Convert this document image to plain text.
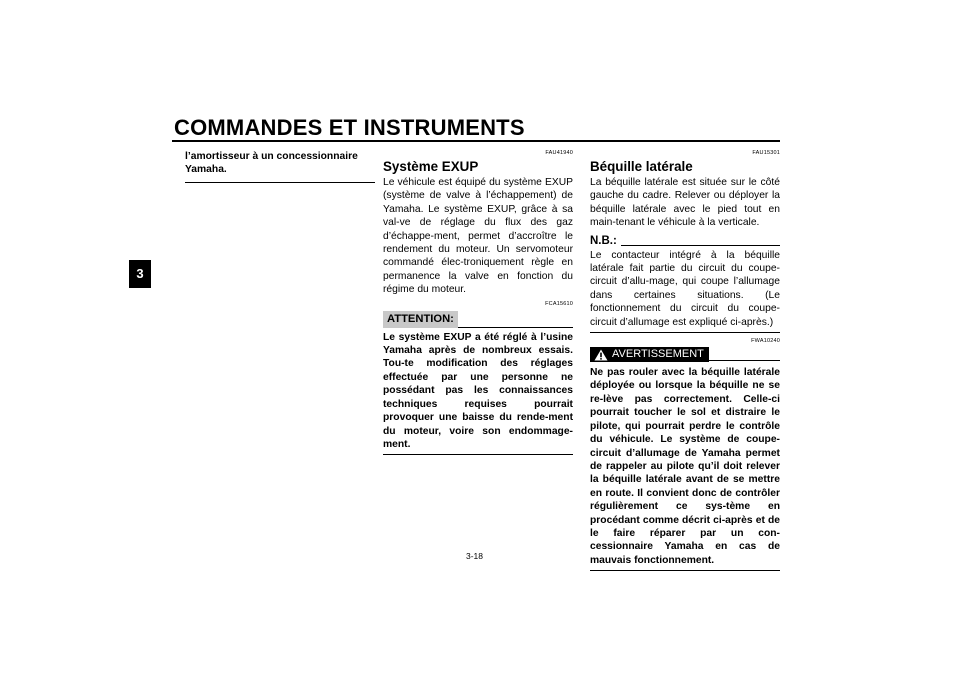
COMMANDES ET INSTRUMENTS
3

l’amortisseur à un concessionnaire Yamaha.

FAU41940
Système EXUP

Le véhicule est équipé du système EXUP (système de valve à l’échappement) de Yamaha. Le système EXUP, grâce à sa val-ve de réglage du flux des gaz d’échappe-ment, permet d’accroître le rendement du moteur. Un servomoteur commandé élec-troniquement règle en permanence la valve en fonction du régime du moteur.

FCA15610
ATTENTION:

Le système EXUP a été réglé à l’usine Yamaha après de nombreux essais. Tou-te modification des réglages effectuée par une personne ne possédant pas les connaissances techniques requises pourrait provoquer une baisse du rende-ment du moteur, voire son endommage-ment.

FAU15301
Béquille latérale

La béquille latérale est située sur le côté gauche du cadre. Relever ou déployer la béquille latérale avec le pied tout en main-tenant le véhicule à la verticale.

N.B.:

Le contacteur intégré à la béquille latérale fait partie du circuit du coupe-circuit d’allu-mage, qui coupe l’allumage dans certaines situations. (Le fonctionnement du circuit du coupe-circuit d’allumage est expliqué ci-après.)

FWA10240
AVERTISSEMENT

Ne pas rouler avec la béquille latérale déployée ou lorsque la béquille ne se re-lève pas correctement. Celle-ci pourrait toucher le sol et distraire le pilote, qui pourrait perdre le contrôle du véhicule. Le système de coupe-circuit d’allumage de Yamaha permet de rappeler au pilote qu’il doit relever la béquille latérale avant de se mettre en route. Il convient donc de contrôler régulièrement ce sys-tème en procédant comme décrit ci-après et de le faire réparer par un con-cessionnaire Yamaha en cas de mauvais fonctionnement.

3-18
